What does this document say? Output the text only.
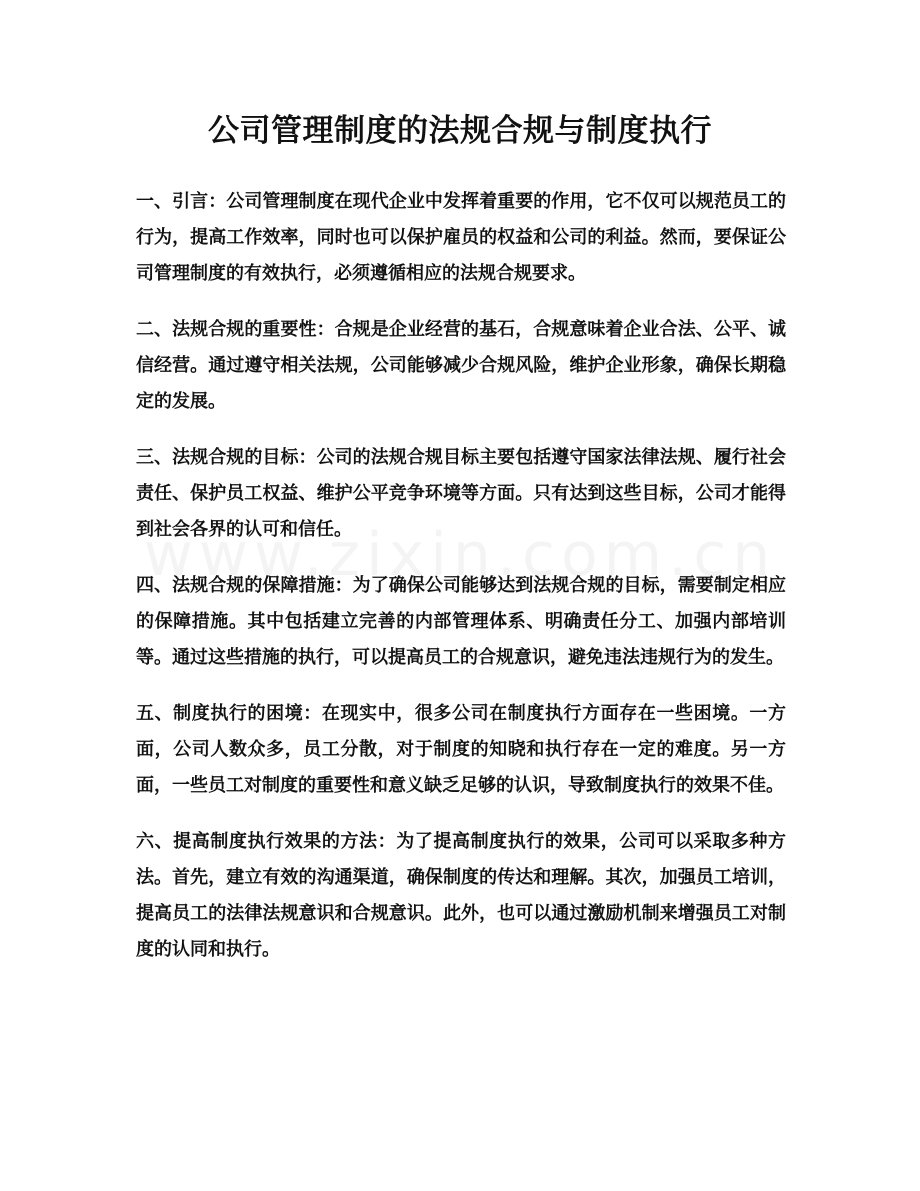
公司管理制度的法规合规与制度执行

一、引言：公司管理制度在现代企业中发挥着重要的作用，它不仅可以规范员工的行为，提高工作效率，同时也可以保护雇员的权益和公司的利益。然而，要保证公司管理制度的有效执行，必须遵循相应的法规合规要求。

二、法规合规的重要性：合规是企业经营的基石，合规意味着企业合法、公平、诚信经营。通过遵守相关法规，公司能够减少合规风险，维护企业形象，确保长期稳定的发展。

三、法规合规的目标：公司的法规合规目标主要包括遵守国家法律法规、履行社会责任、保护员工权益、维护公平竞争环境等方面。只有达到这些目标，公司才能得到社会各界的认可和信任。

四、法规合规的保障措施：为了确保公司能够达到法规合规的目标，需要制定相应的保障措施。其中包括建立完善的内部管理体系、明确责任分工、加强内部培训等。通过这些措施的执行，可以提高员工的合规意识，避免违法违规行为的发生。

五、制度执行的困境：在现实中，很多公司在制度执行方面存在一些困境。一方面，公司人数众多，员工分散，对于制度的知晓和执行存在一定的难度。另一方面，一些员工对制度的重要性和意义缺乏足够的认识，导致制度执行的效果不佳。

六、提高制度执行效果的方法：为了提高制度执行的效果，公司可以采取多种方法。首先，建立有效的沟通渠道，确保制度的传达和理解。其次，加强员工培训，提高员工的法律法规意识和合规意识。此外，也可以通过激励机制来增强员工对制度的认同和执行。
